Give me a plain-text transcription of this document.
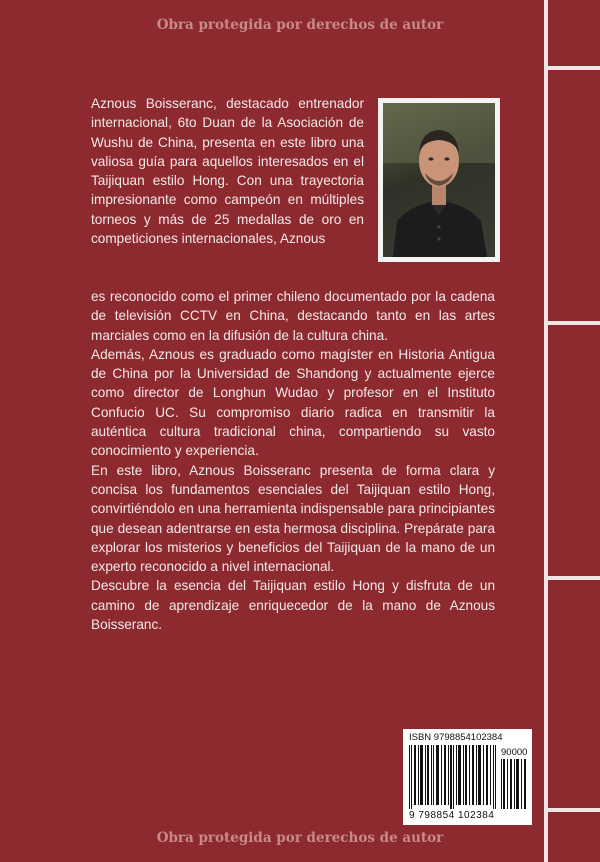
Obra protegida por derechos de autor

Aznous Boisseranc, destacado entrenador internacional, 6to Duan de la Asociación de Wushu de China, presenta en este libro una valiosa guía para aquellos interesados en el Taijiquan estilo Hong. Con una trayectoria impresionante como campeón en múltiples torneos y más de 25 medallas de oro en competiciones internacionales, Aznous

es reconocido como el primer chileno documentado por la cadena de televisión CCTV en China, destacando tanto en las artes marciales como en la difusión de la cultura china.

Además, Aznous es graduado como magíster en Historia Antigua de China por la Universidad de Shandong y actualmente ejerce como director de Longhun Wudao y profesor en el Instituto Confucio UC. Su compromiso diario radica en transmitir la auténtica cultura tradicional china, compartiendo su vasto conocimiento y experiencia.

En este libro, Aznous Boisseranc presenta de forma clara y concisa los fundamentos esenciales del Taijiquan estilo Hong, convirtiéndolo en una herramienta indispensable para principiantes que desean adentrarse en esta hermosa disciplina. Prepárate para explorar los misterios y beneficios del Taijiquan de la mano de un experto reconocido a nivel internacional.

Descubre la esencia del Taijiquan estilo Hong y disfruta de un camino de aprendizaje enriquecedor de la mano de Aznous Boisseranc.

ISBN 9798854102384
90000
9 798854 102384
Obra protegida por derechos de autor
